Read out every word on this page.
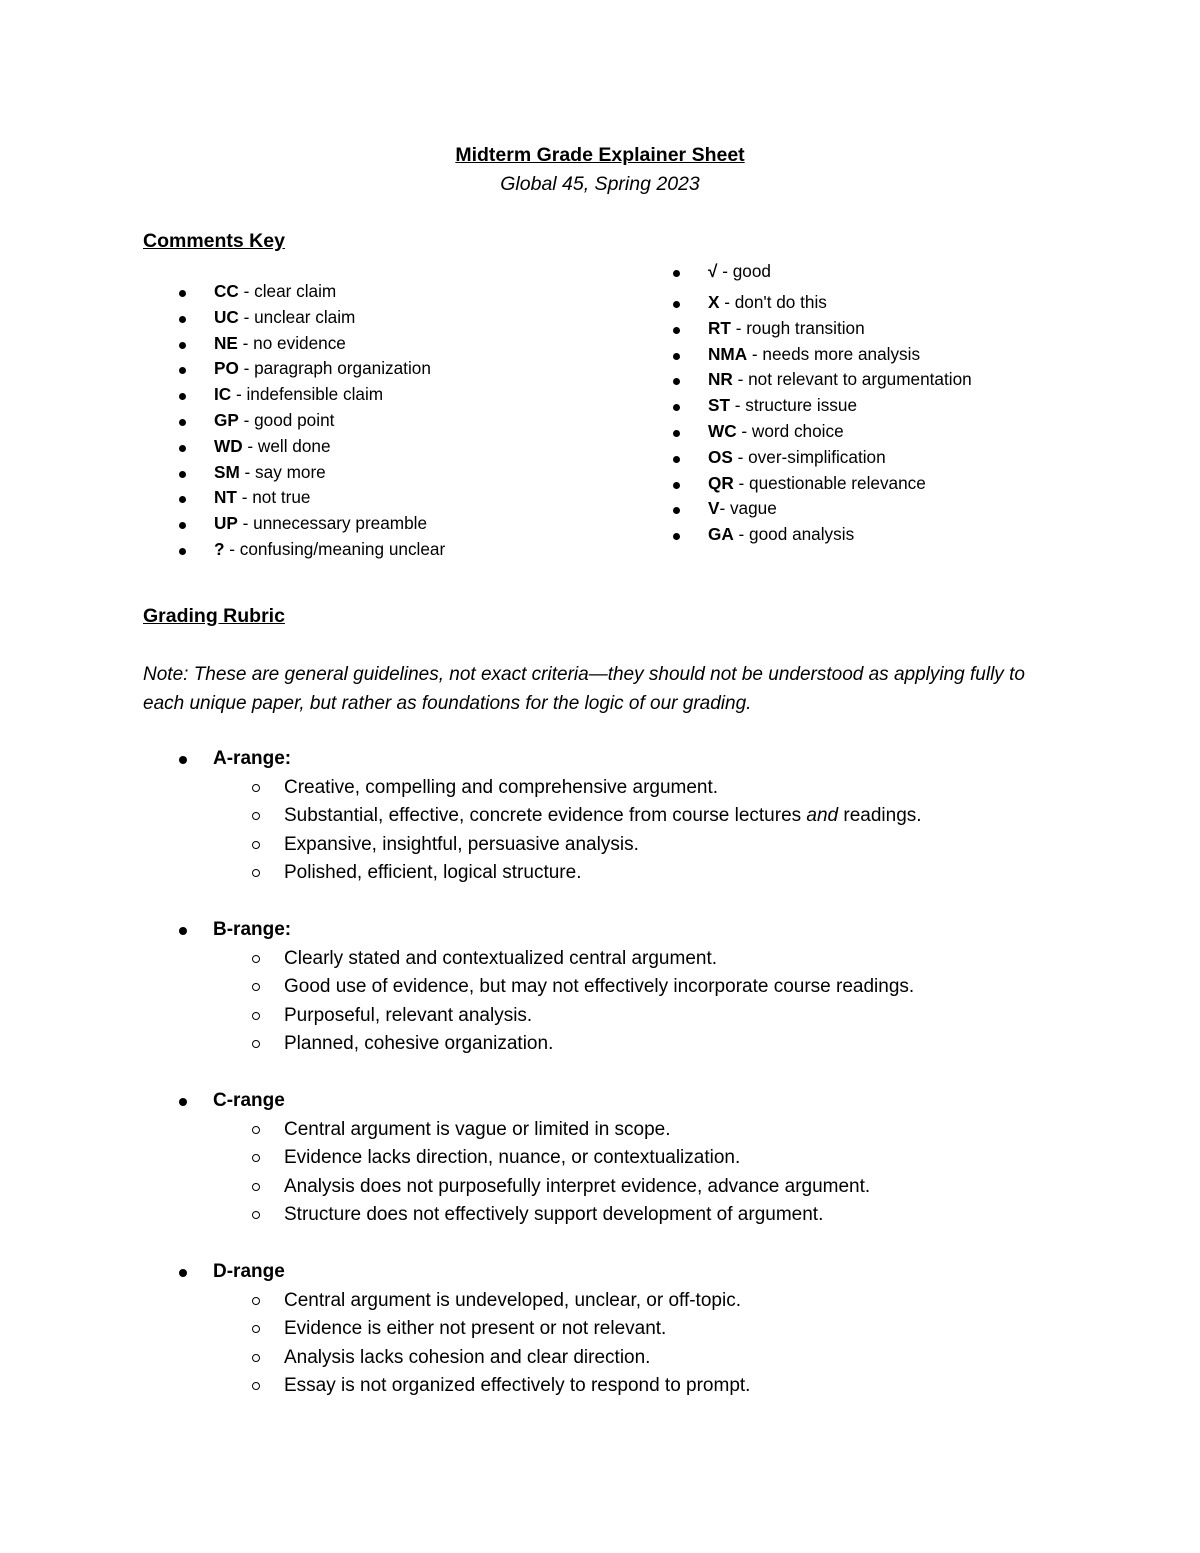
Midterm Grade Explainer Sheet
Global 45, Spring 2023
Comments Key
CC - clear claim
UC - unclear claim
NE - no evidence
PO - paragraph organization
IC - indefensible claim
GP - good point
WD - well done
SM - say more
NT - not true
UP - unnecessary preamble
? - confusing/meaning unclear
√ - good
X - don't do this
RT - rough transition
NMA - needs more analysis
NR - not relevant to argumentation
ST - structure issue
WC - word choice
OS - over-simplification
QR - questionable relevance
V- vague
GA - good analysis
Grading Rubric
Note: These are general guidelines, not exact criteria—they should not be understood as applying fully to each unique paper, but rather as foundations for the logic of our grading.
A-range:
Creative, compelling and comprehensive argument.
Substantial, effective, concrete evidence from course lectures and readings.
Expansive, insightful, persuasive analysis.
Polished, efficient, logical structure.
B-range:
Clearly stated and contextualized central argument.
Good use of evidence, but may not effectively incorporate course readings.
Purposeful, relevant analysis.
Planned, cohesive organization.
C-range
Central argument is vague or limited in scope.
Evidence lacks direction, nuance, or contextualization.
Analysis does not purposefully interpret evidence, advance argument.
Structure does not effectively support development of argument.
D-range
Central argument is undeveloped, unclear, or off-topic.
Evidence is either not present or not relevant.
Analysis lacks cohesion and clear direction.
Essay is not organized effectively to respond to prompt.
